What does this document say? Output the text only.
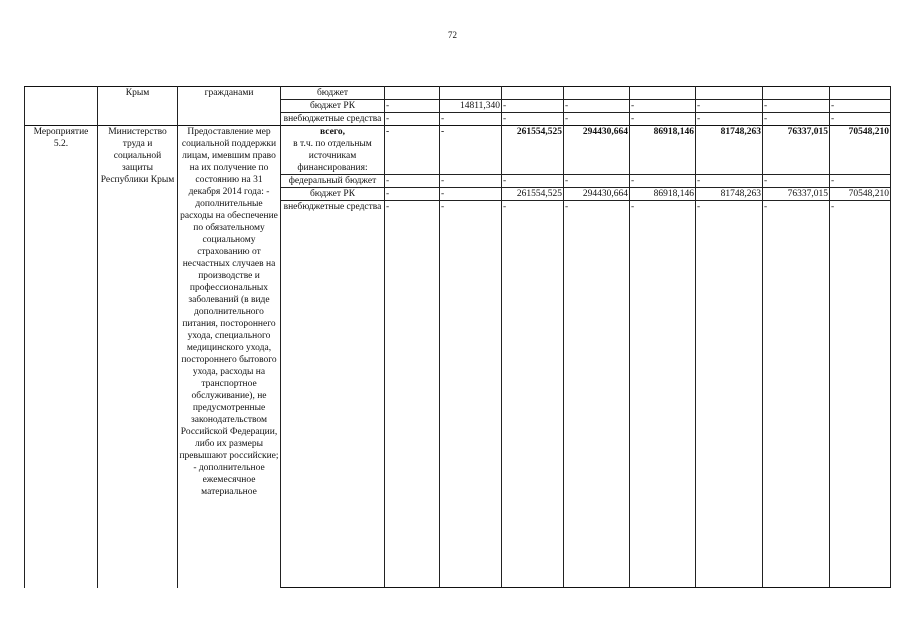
72
	Крым	гражданами	бюджет								
			бюджет РК	-	14811,340	-	-	-	-	-	-
			внебюджетные средства	-	-	-	-	-	-	-	-
Мероприятие 5.2.	Министерство труда и социальной защиты Республики Крым	Предоставление мер социальной поддержки лицам, имевшим право на их получение по состоянию на 31 декабря 2014 года: - дополнительные расходы на обеспечение по обязательному социальному страхованию от несчастных случаев на производстве и профессиональных заболеваний (в виде дополнительного питания, постороннего ухода, специального медицинского ухода, постороннего бытового ухода, расходы на транспортное обслуживание), не предусмотренные законодательством Российской Федерации, либо их размеры превышают российские; - дополнительное ежемесячное материальное	всего,	-	-	261554,525	294430,664	86918,146	81748,263	76337,015	70548,210
			в т.ч. по отдельным источникам финансирования:								
			федеральный бюджет	-	-	-	-	-	-	-	-
			бюджет РК	-	-	261554,525	294430,664	86918,146	81748,263	76337,015	70548,210
			внебюджетные средства	-	-	-	-	-	-	-	-
